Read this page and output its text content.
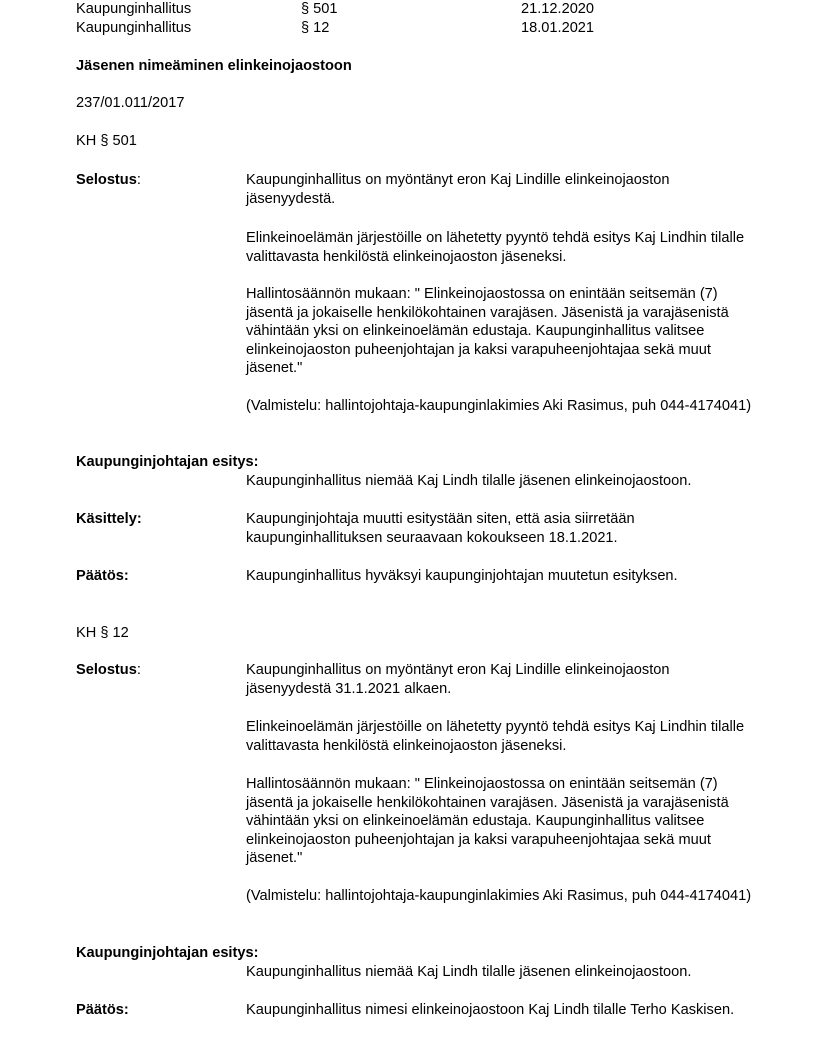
Kaupunginhallitus	§ 501	21.12.2020
Kaupunginhallitus	§ 12	18.01.2021
Jäsenen nimeäminen elinkeinojaostoon
237/01.011/2017
KH § 501
Selostus:	Kaupunginhallitus on myöntänyt eron Kaj Lindille elinkeinojaoston jäsenyydestä.
Elinkeinoelämän järjestöille on lähetetty pyyntö tehdä esitys Kaj Lindhin tilalle valittavasta henkilöstä elinkeinojaoston jäseneksi.
Hallintosäännön mukaan: " Elinkeinojaostossa on enintään seitsemän (7) jäsentä ja jokaiselle henkilökohtainen varajäsen. Jäsenistä ja varajäsenistä vähintään yksi on elinkeinoelämän edustaja. Kaupunginhallitus valitsee elinkeinojaoston puheenjohtajan ja kaksi varapuheenjohtajaa sekä muut jäsenet."
(Valmistelu: hallintojohtaja-kaupunginlakimies Aki Rasimus, puh 044-4174041)
Kaupunginjohtajan esitys:
Kaupunginhallitus niemää Kaj Lindh tilalle jäsenen elinkeinojaostoon.
Käsittely:	Kaupunginjohtaja muutti esitystään siten, että asia siirretään kaupunginhallituksen seuraavaan kokoukseen 18.1.2021.
Päätös:	Kaupunginhallitus hyväksyi kaupunginjohtajan muutetun esityksen.
KH § 12
Selostus:	Kaupunginhallitus on myöntänyt eron Kaj Lindille elinkeinojaoston jäsenyydestä 31.1.2021 alkaen.
Elinkeinoelämän järjestöille on lähetetty pyyntö tehdä esitys Kaj Lindhin tilalle valittavasta henkilöstä elinkeinojaoston jäseneksi.
Hallintosäännön mukaan: " Elinkeinojaostossa on enintään seitsemän (7) jäsentä ja jokaiselle henkilökohtainen varajäsen. Jäsenistä ja varajäsenistä vähintään yksi on elinkeinoelämän edustaja. Kaupunginhallitus valitsee elinkeinojaoston puheenjohtajan ja kaksi varapuheenjohtajaa sekä muut jäsenet."
(Valmistelu: hallintojohtaja-kaupunginlakimies Aki Rasimus, puh 044-4174041)
Kaupunginjohtajan esitys:
Kaupunginhallitus niemää Kaj Lindh tilalle jäsenen elinkeinojaostoon.
Päätös:	Kaupunginhallitus nimesi elinkeinojaostoon Kaj Lindh tilalle Terho Kaskisen.
